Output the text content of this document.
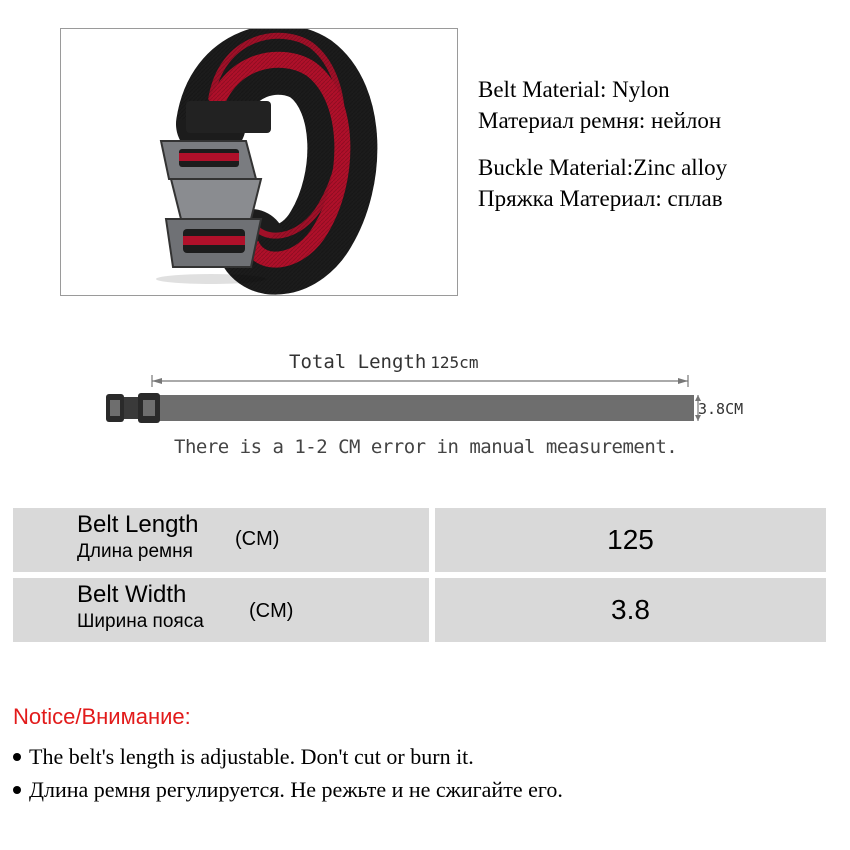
Belt Material: Nylon
Материал ремня: нейлон
Buckle Material:Zinc alloy
Пряжка Материал: сплав
Total Length 125cm
3.8CM
There is a 1-2 CM error in manual measurement.
Belt Length
Длина ремня
(CM)	125
Belt Width
Ширина пояса (CM)	3.8
Notice/Внимание:
The belt's length is adjustable. Don't cut or burn it.
Длина ремня регулируется. Не режьте и не сжигайте его.
